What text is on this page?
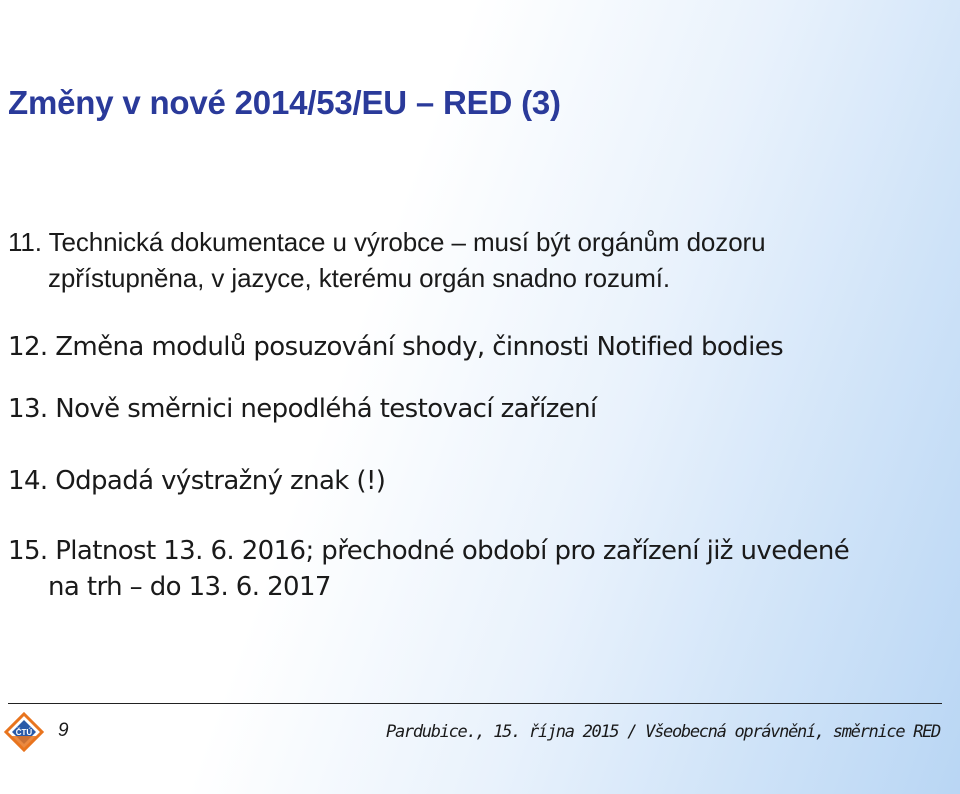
Změny v nové 2014/53/EU – RED (3)
11. Technická dokumentace u výrobce – musí být orgánům dozoru
zpřístupněna, v jazyce, kterému orgán snadno rozumí.
12. Změna modulů posuzování shody, činnosti Notified bodies
13. Nově směrnici nepodléhá testovací zařízení
14. Odpadá výstražný znak (!)
15. Platnost 13. 6. 2016; přechodné období pro zařízení již uvedené
na trh – do 13. 6. 2017
ČTÚ 9	Pardubice., 15. října 2015 / Všeobecná oprávnění, směrnice RED
